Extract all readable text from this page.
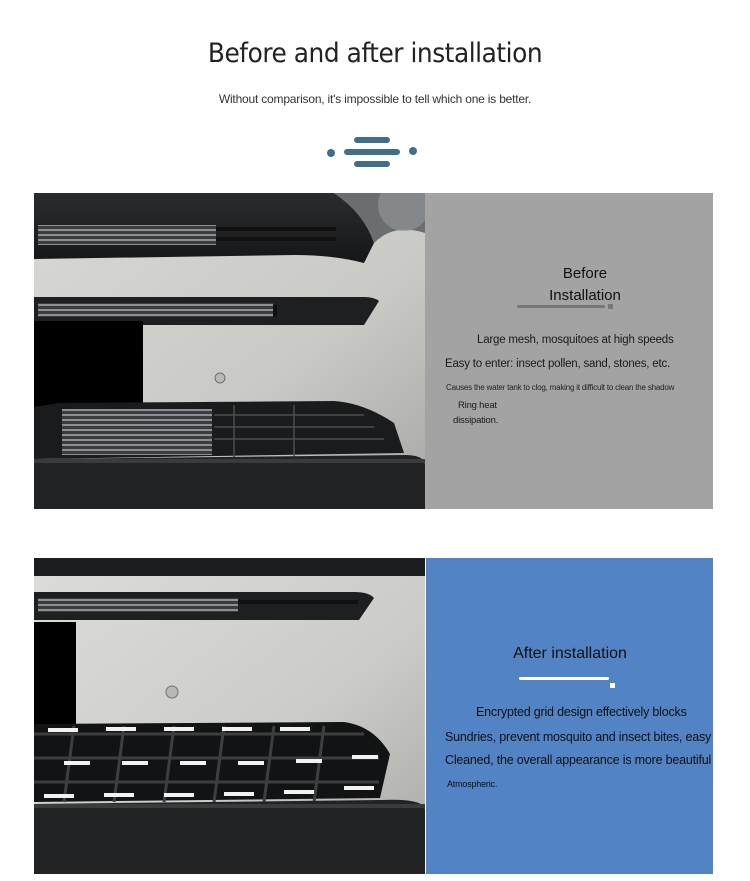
Before and after installation

Without comparison, it's impossible to tell which one is better.

Before
Installation
Large mesh, mosquitoes at high speeds
Easy to enter: insect pollen, sand, stones, etc.
Causes the water tank to clog, making it difficult to clean the shadow
Ring heat
dissipation.
After installation
Encrypted grid design effectively blocks
Sundries, prevent mosquito and insect bites, easy
Cleaned, the overall appearance is more beautiful
Atmospheric.
